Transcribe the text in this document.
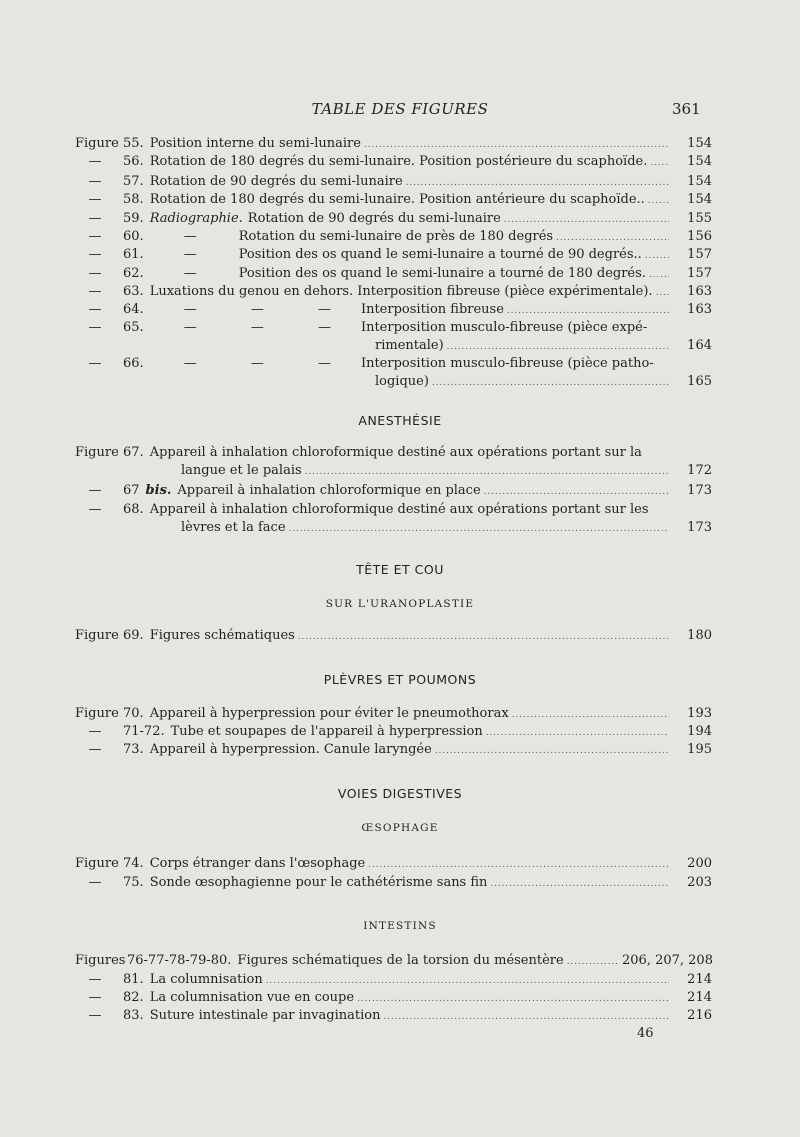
TABLE DES FIGURES	361
Figure 55. Position interne du semi-lunaire . . .	154
—	56. Rotation de 180 degrés du semi-lunaire. Position postérieure du scaphoïde. . . .	154
—	57. Rotation de 90 degrés du semi-lunaire . . .	154
—	58. Rotation de 180 degrés du semi-lunaire. Position antérieure du scaphoïde.. . . .	154
—	59. Radiographie. Rotation de 90 degrés du semi-lunaire . . .	155
—	60.	—	Rotation du semi-lunaire de près de 180 degrés . . .	156
—	61.	—	Position des os quand le semi-lunaire a tourné de 90 degrés.. . . .	157
—	62.	—	Position des os quand le semi-lunaire a tourné de 180 degrés. . . .	157
—	63. Luxations du genou en dehors. Interposition fibreuse (pièce expérimentale). . . .	163
—	64.	— — — Interposition fibreuse . . .	163
—	65.	— — — Interposition musculo-fibreuse (pièce expé-
rimentale) . . .	164
—	66.	— — — Interposition musculo-fibreuse (pièce patho-
logique) . . .	165
Figure 67. Appareil à inhalation chloroformique destiné aux opérations portant sur la
langue et le palais . . .	172
—	67 bis. Appareil à inhalation chloroformique en place . . .	173
—	68. Appareil à inhalation chloroformique destiné aux opérations portant sur les
lèvres et la face . . .	173
Figure 69. Figures schématiques . . .	180
Figure 70. Appareil à hyperpression pour éviter le pneumothorax . . .	193
—	71-72. Tube et soupapes de l'appareil à hyperpression . . .	194
—	73. Appareil à hyperpression. Canule laryngée . . .	195
Figure 74. Corps étranger dans l'œsophage . . .	200
—	75. Sonde œsophagienne pour le cathétérisme sans fin . . .	203
Figures 76-77-78-79-80. Figures schématiques de la torsion du mésentère . . .	206, 207, 208
—	81. La columnisation . . .	214
—	82. La columnisation vue en coupe . . .	214
—	83. Suture intestinale par invagination . . .	216
ANESTHÉSIE
TÊTE ET COU
SUR L'URANOPLASTIE
PLÈVRES ET POUMONS
VOIES DIGESTIVES
ŒSOPHAGE
INTESTINS
46
